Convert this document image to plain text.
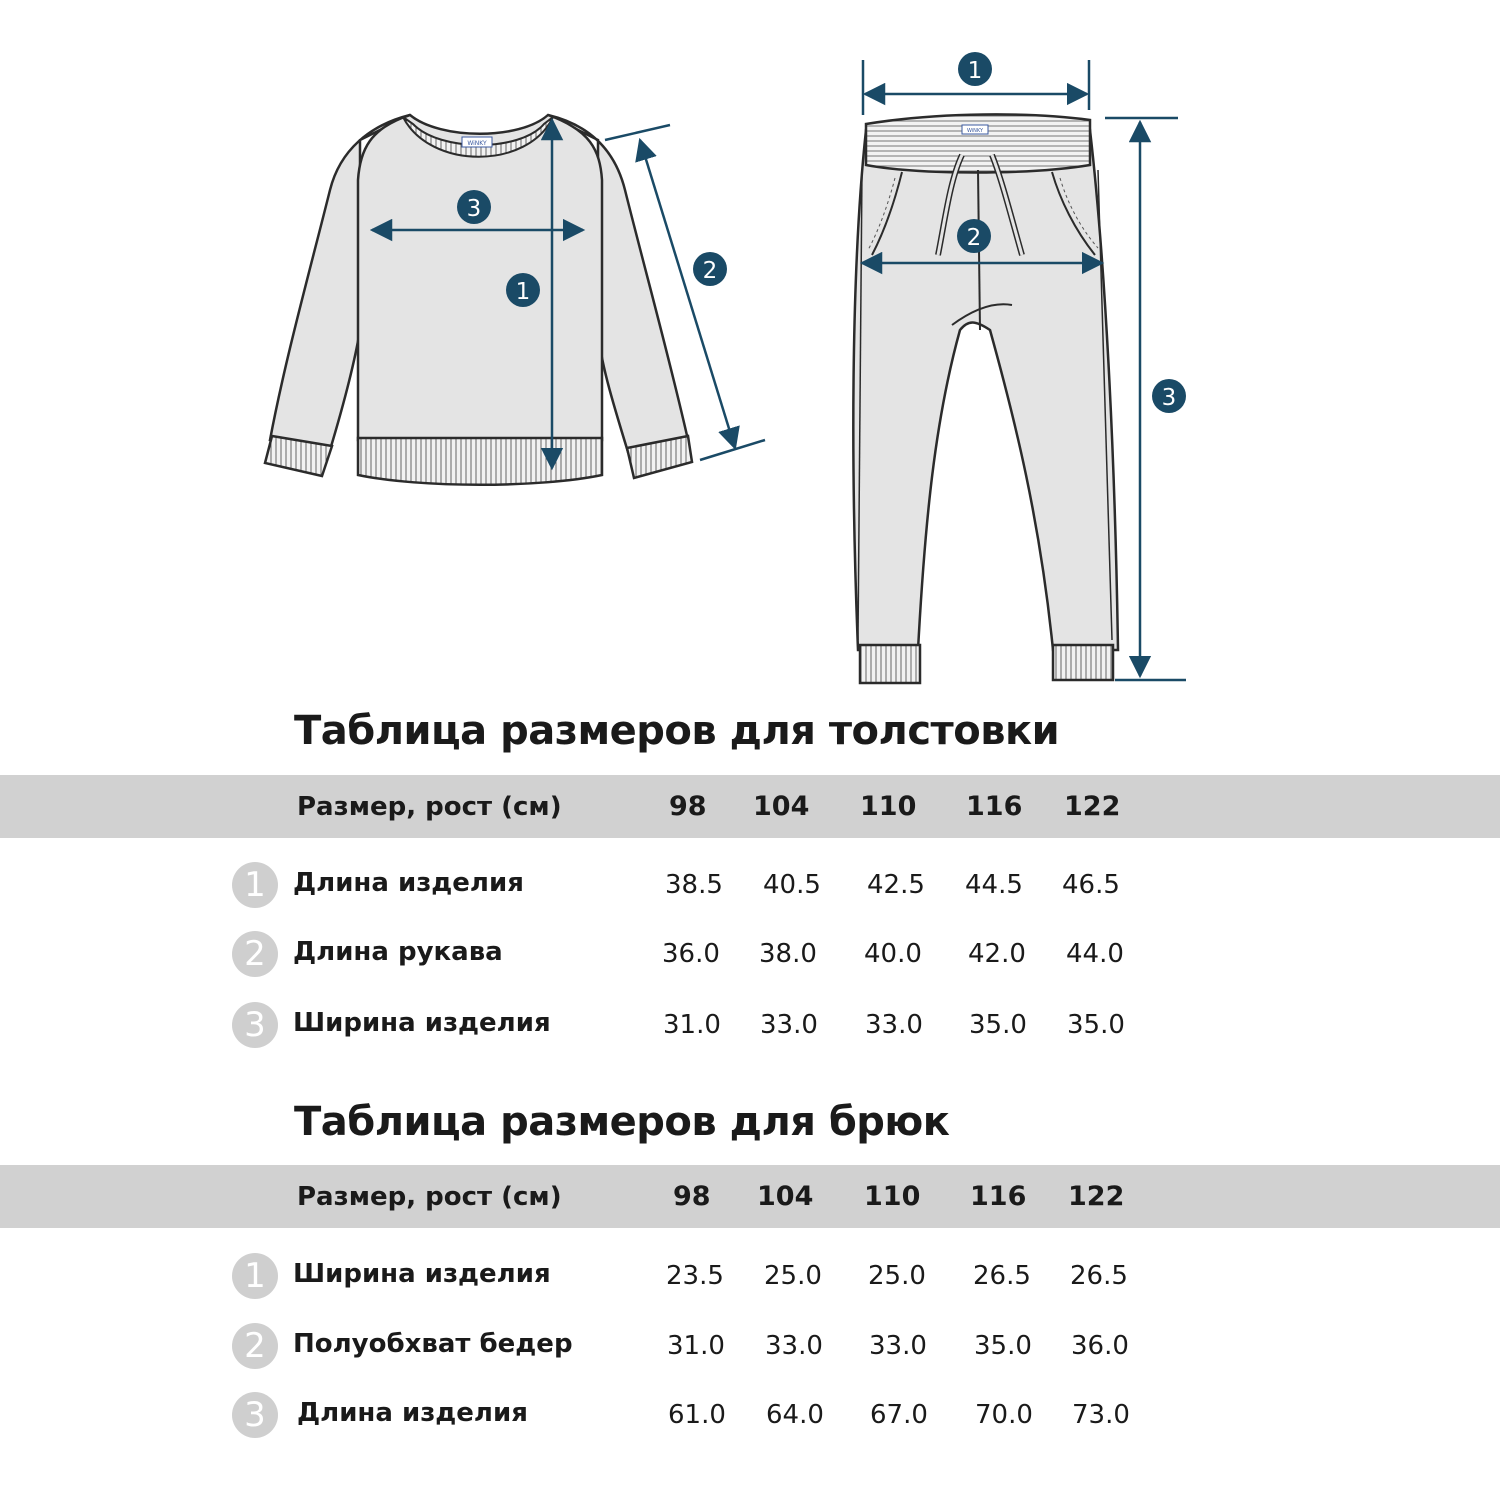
WiNKY
1
2
3
WiNKY
1
2
3
Таблица размеров для толстовки
Размер, рост (см)	98 104 110 116 122
1	Длина изделия	38.5 40.5 42.5 44.5 46.5
2	Длина рукава	36.0 38.0 40.0 42.0 44.0
3	Ширина изделия	31.0 33.0 33.0 35.0 35.0
Таблица размеров для брюк
Размер, рост (см)	98 104 110 116 122
1	Ширина изделия	23.5 25.0 25.0 26.5 26.5
2	Полуобхват бедер	31.0 33.0 33.0 35.0 36.0
3	Длина изделия	61.0 64.0 67.0 70.0 73.0
